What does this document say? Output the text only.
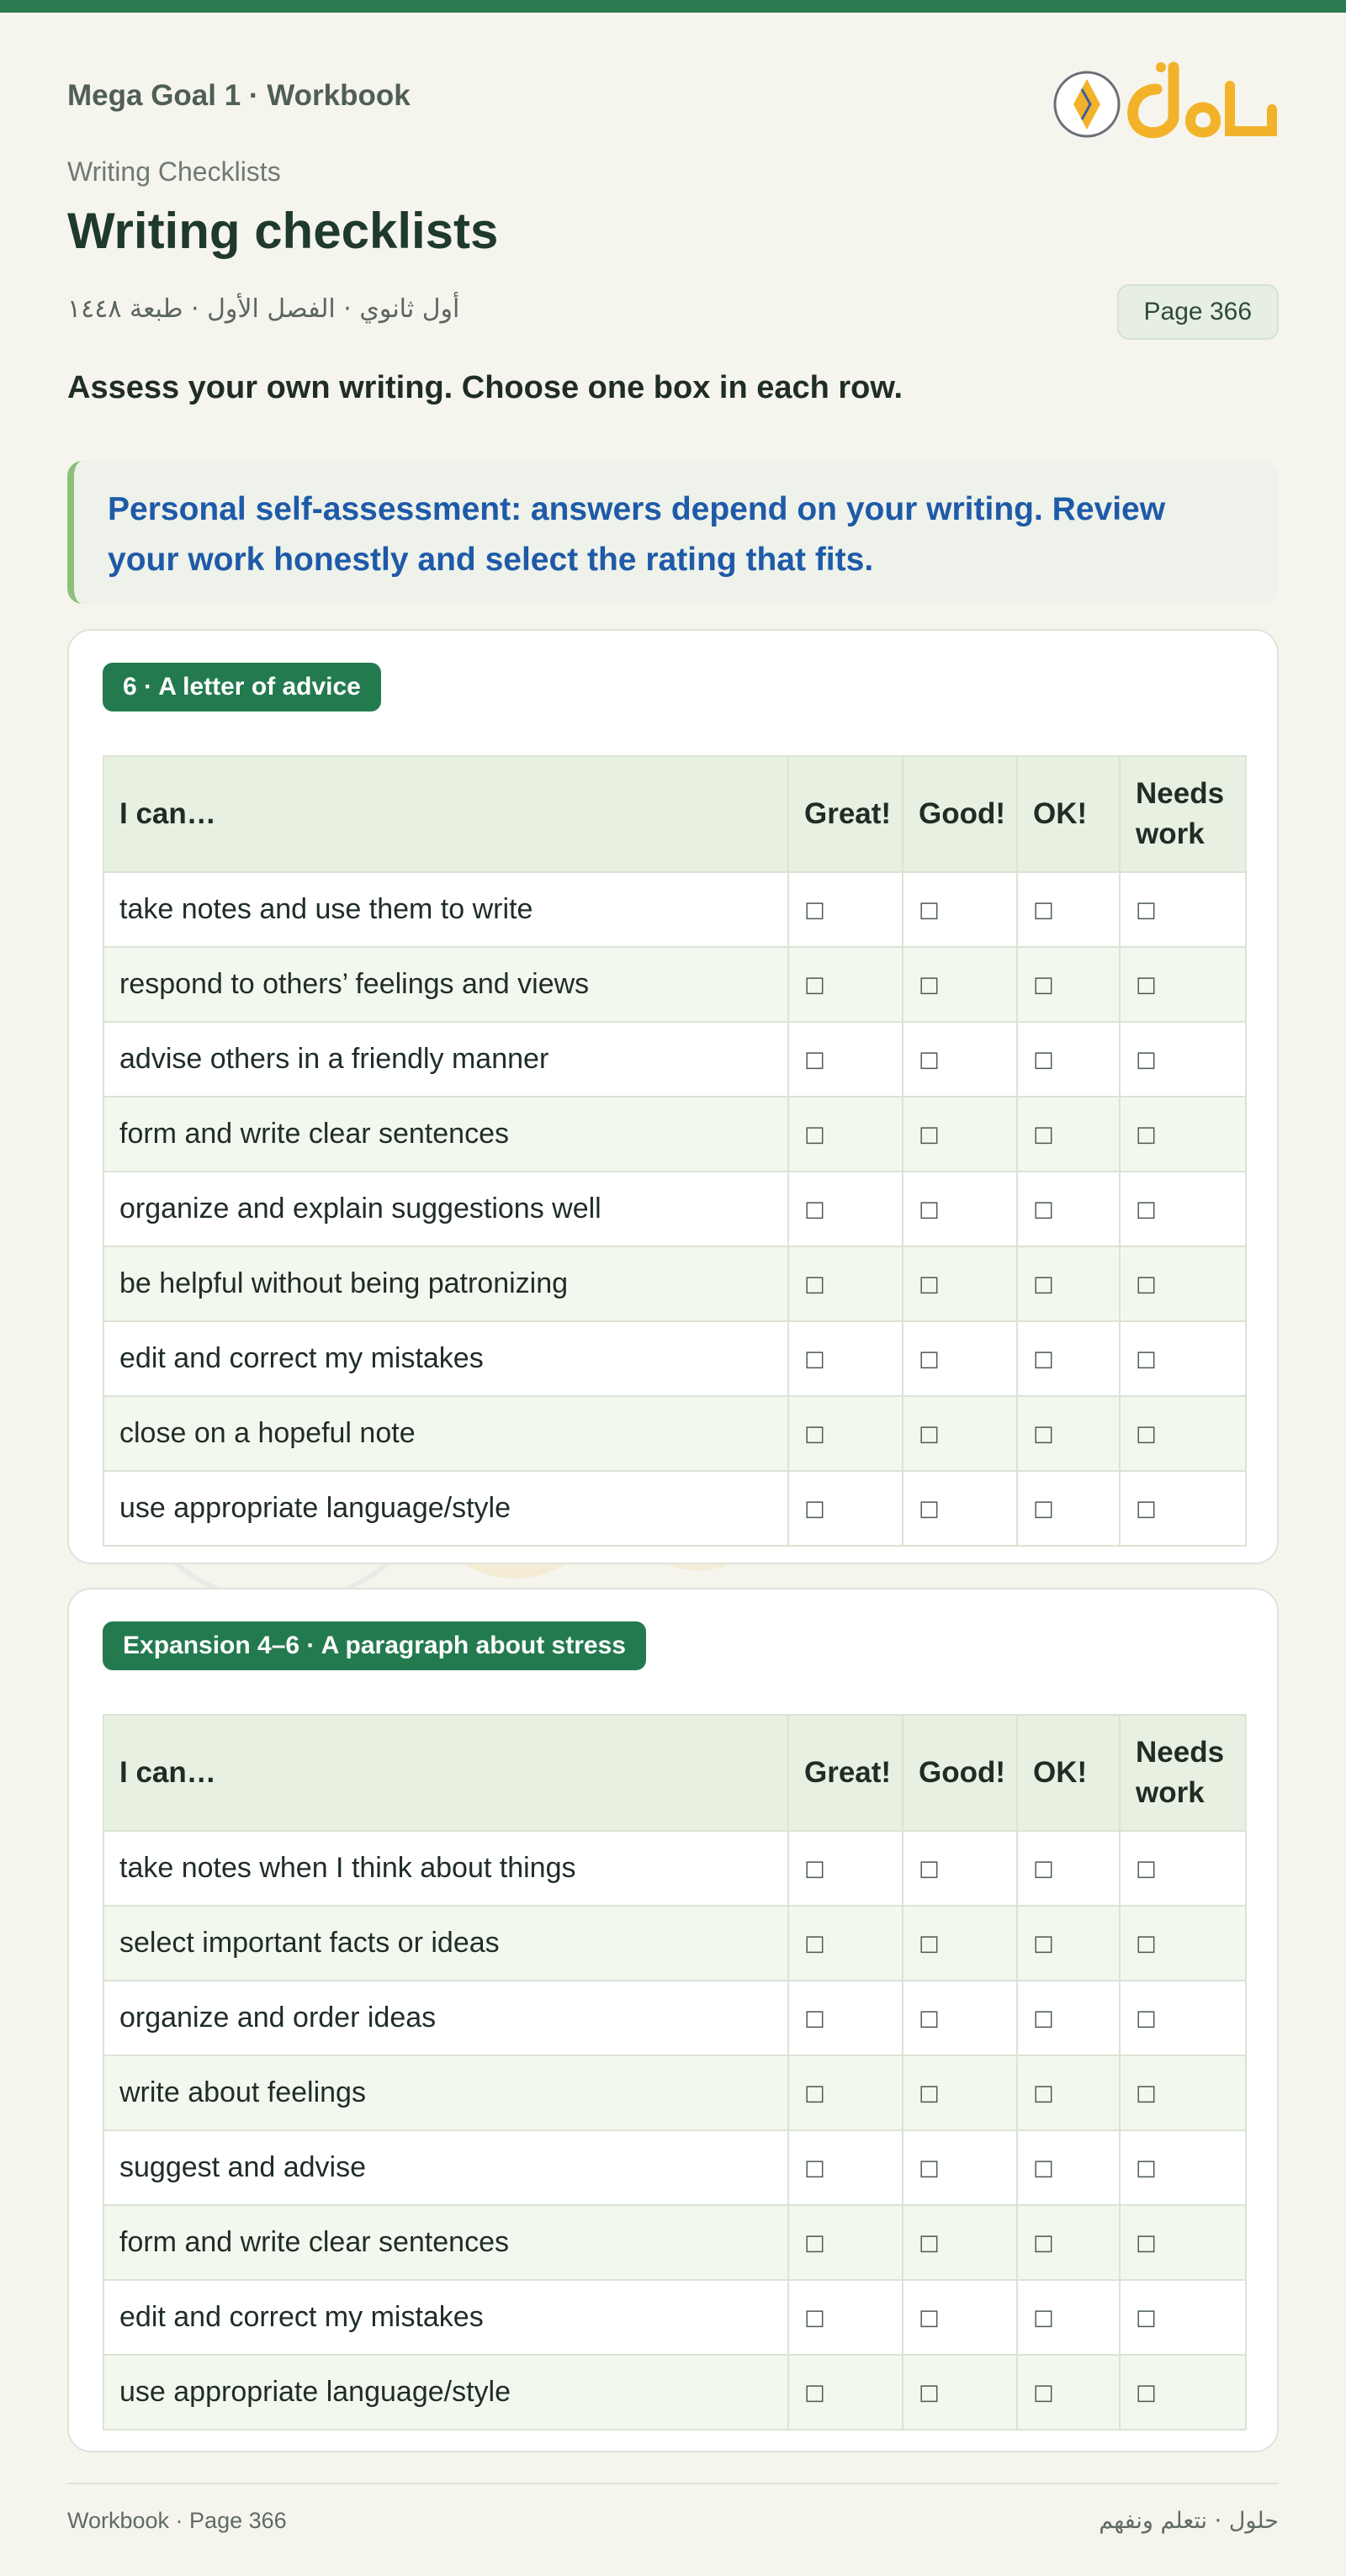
Mega Goal 1 · Workbook
Writing Checklists
Writing checklists
أول ثانوي · الفصل الأول · طبعة ١٤٤٨	Page 366
Assess your own writing. Choose one box in each row.
Personal self-assessment: answers depend on your writing. Review your work honestly and select the rating that fits.
6 · A letter of advice
I can…	Great!	Good!	OK!	Needs work
take notes and use them to write	□	□	□	□
respond to others’ feelings and views	□	□	□	□
advise others in a friendly manner	□	□	□	□
form and write clear sentences	□	□	□	□
organize and explain suggestions well	□	□	□	□
be helpful without being patronizing	□	□	□	□
edit and correct my mistakes	□	□	□	□
close on a hopeful note	□	□	□	□
use appropriate language/style	□	□	□	□
Expansion 4–6 · A paragraph about stress
I can…	Great!	Good!	OK!	Needs work
take notes when I think about things	□	□	□	□
select important facts or ideas	□	□	□	□
organize and order ideas	□	□	□	□
write about feelings	□	□	□	□
suggest and advise	□	□	□	□
form and write clear sentences	□	□	□	□
edit and correct my mistakes	□	□	□	□
use appropriate language/style	□	□	□	□
Workbook · Page 366	حلول · نتعلم ونفهم
